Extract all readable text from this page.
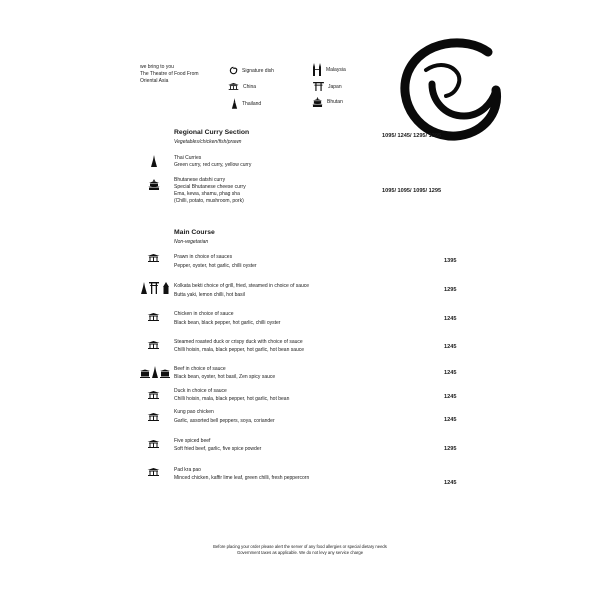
we bring to you
The Theatre of Food From
Oriental Asia
Signature dish
China
Thailand
Malaysia
Japan
Bhutan
Regional Curry Section
Vegetables/chicken/fish/prawn
1095/ 1245/ 1295/ 1395
Thai Curries
Green curry, red curry, yellow curry
Bhutanese datshi curry
Special Bhutanese cheese curry
Ema, kewa, shamu, phag sha
(Chilli, potato, mushroom, pork)
1095/ 1095/ 1095/ 1295
Main Course
Non-vegetarian
Prawn in choice of sauces
Pepper, oyster, hot garlic, chilli oyster
1395
Kolkata bekti choice of grill, fried, steamed in choice of sauce
Butta yaki, lemon chilli, hot basil
1295
Chicken in choice of sauce
Black bean, black pepper, hot garlic, chilli oyster
1245
Steamed roasted duck or crispy duck with choice of sauce
Chilli hoisin, mala, black pepper, hot garlic, hot bean sauce	1245
Beef in choice of sauce
Black bean, oyster, hot basil, Zen spicy sauce
1245
Duck in choice of sauce
Chilli hoisin, mala, black pepper, hot garlic, hot bean	1245
Kung pao chicken
Garlic, assorted bell peppers, soya, coriander	1245
Five spiced beef
Soft fried beef, garlic, five spice powder	1295
Pad kra pao
Minced chicken, kaffir lime leaf, green chilli, fresh peppercorn
1245
Before placing your order please alert the server of any food allergies or special dietary needs
Government taxes as applicable. We do not levy any service charge
